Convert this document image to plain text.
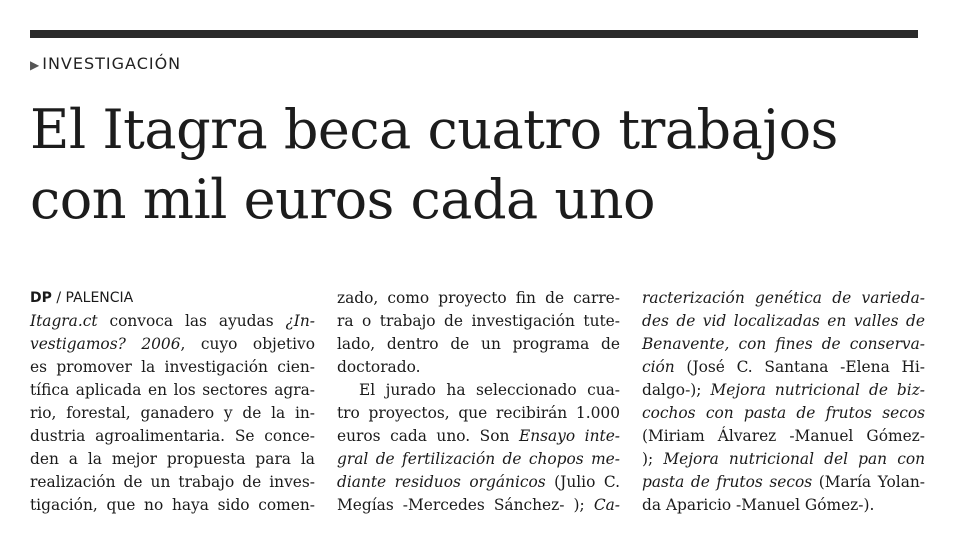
▶ INVESTIGACIÓN
El Itagra beca cuatro trabajos
con mil euros cada uno
DP / PALENCIA
Itagra.ct convoca las ayudas ¿In-
vestigamos? 2006, cuyo objetivo
es promover la investigación cien-
tífica aplicada en los sectores agra-
rio, forestal, ganadero y de la in-
dustria agroalimentaria. Se conce-
den a la mejor propuesta para la
realización de un trabajo de inves-
tigación, que no haya sido comen-
zado, como proyecto fin de carre-
ra o trabajo de investigación tute-
lado, dentro de un programa de
doctorado.
El jurado ha seleccionado cua-
tro proyectos, que recibirán 1.000
euros cada uno. Son Ensayo inte-
gral de fertilización de chopos me-
diante residuos orgánicos (Julio C.
Megías -Mercedes Sánchez- ); Ca-
racterización genética de varieda-
des de vid localizadas en valles de
Benavente, con fines de conserva-
ción (José C. Santana -Elena Hi-
dalgo-); Mejora nutricional de biz-
cochos con pasta de frutos secos
(Miriam Álvarez -Manuel Gómez-
); Mejora nutricional del pan con
pasta de frutos secos (María Yolan-
da Aparicio -Manuel Gómez-).
